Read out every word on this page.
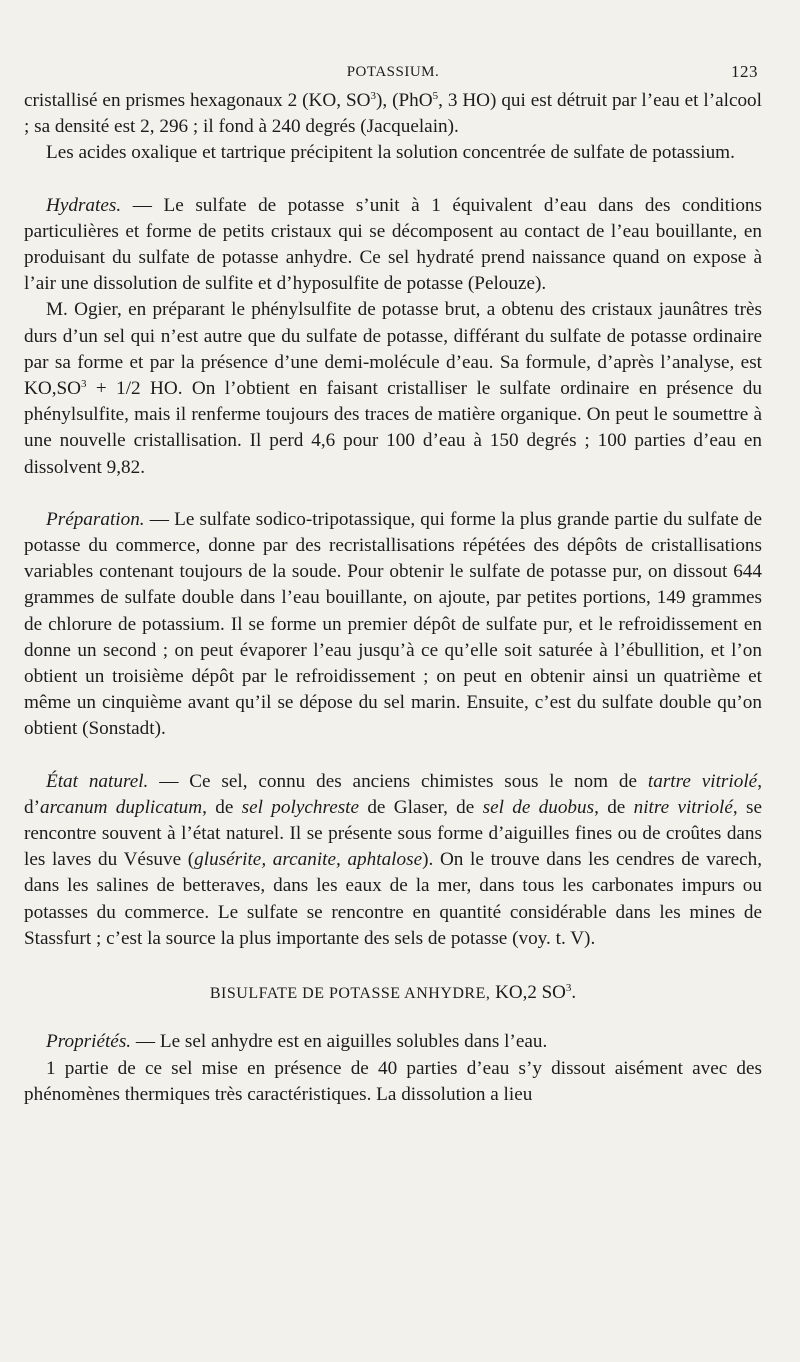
POTASSIUM.	123

cristallisé en prismes hexagonaux 2 (KO, $SO^3$), (PhO$^5$, 3 HO) qui est détruit par l’eau et l’alcool ; sa densité est 2, 296 ; il fond à 240 degrés (Jacquelain).

Les acides oxalique et tartrique précipitent la solution concentrée de sulfate de potassium.

Hydrates. — Le sulfate de potasse s’unit à 1 équivalent d’eau dans des conditions particulières et forme de petits cristaux qui se décomposent au contact de l’eau bouillante, en produisant du sulfate de potasse anhydre. Ce sel hydraté prend naissance quand on expose à l’air une dissolution de sulfite et d’hyposulfite de potasse (Pelouze).

M. Ogier, en préparant le phénylsulfite de potasse brut, a obtenu des cristaux jaunâtres très durs d’un sel qui n’est autre que du sulfate de potasse, différant du sulfate de potasse ordinaire par sa forme et par la présence d’une demi-molécule d’eau. Sa formule, d’après l’analyse, est $KO,SO^3 + 1/2$ HO. On l’obtient en faisant cristalliser le sulfate ordinaire en présence du phénylsulfite, mais il renferme toujours des traces de matière organique. On peut le soumettre à une nouvelle cristallisation. Il perd 4,6 pour 100 d’eau à 150 degrés ; 100 parties d’eau en dissolvent 9,82.

Préparation. — Le sulfate sodico-tripotassique, qui forme la plus grande partie du sulfate de potasse du commerce, donne par des recristallisations répétées des dépôts de cristallisations variables contenant toujours de la soude. Pour obtenir le sulfate de potasse pur, on dissout 644 grammes de sulfate double dans l’eau bouillante, on ajoute, par petites portions, 149 grammes de chlorure de potassium. Il se forme un premier dépôt de sulfate pur, et le refroidissement en donne un second ; on peut évaporer l’eau jusqu’à ce qu’elle soit saturée à l’ébullition, et l’on obtient un troisième dépôt par le refroidissement ; on peut en obtenir ainsi un quatrième et même un cinquième avant qu’il se dépose du sel marin. Ensuite, c’est du sulfate double qu’on obtient (Sonstadt).

État naturel. — Ce sel, connu des anciens chimistes sous le nom de tartre vitriolé, d’arcanum duplicatum, de sel polychreste de Glaser, de sel de duobus, de nitre vitriolé, se rencontre souvent à l’état naturel. Il se présente sous forme d’aiguilles fines ou de croûtes dans les laves du Vésuve (glusérite, arcanite, aphtalose). On le trouve dans les cendres de varech, dans les salines de betteraves, dans les eaux de la mer, dans tous les carbonates impurs ou potasses du commerce. Le sulfate se rencontre en quantité considérable dans les mines de Stassfurt ; c’est la source la plus importante des sels de potasse (voy. t. V).

BISULFATE DE POTASSE ANHYDRE, KO,2 $SO^3$.

Propriétés. — Le sel anhydre est en aiguilles solubles dans l’eau.

1 partie de ce sel mise en présence de 40 parties d’eau s’y dissout aisément avec des phénomènes thermiques très caractéristiques. La dissolution a lieu
